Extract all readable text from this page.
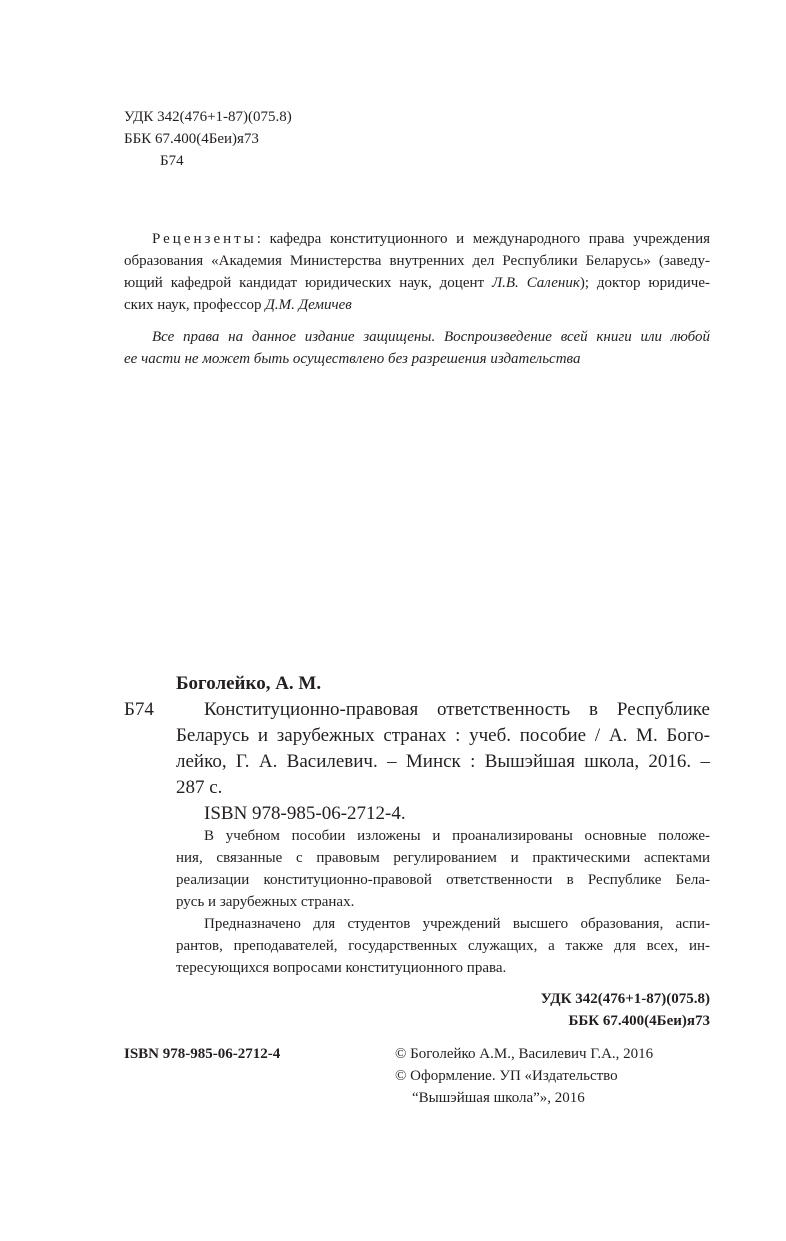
УДК 342(476+1-87)(075.8)
ББК 67.400(4Беи)я73
Б74
Рецензенты: кафедра конституционного и международного права учреждения
образования «Академия Министерства внутренних дел Республики Беларусь» (заведу-
ющий кафедрой кандидат юридических наук, доцент Л.В. Саленик); доктор юридиче-
ских наук, профессор Д.М. Демичев
Все права на данное издание защищены. Воспроизведение всей книги или любой
ее части не может быть осуществлено без разрешения издательства
Боголейко, А. М.
Б74	Конституционно-правовая ответственность в Республике
Беларусь и зарубежных странах : учеб. пособие / А. М. Бого-
лейко, Г. А. Василевич. – Минск : Вышэйшая школа, 2016. –
287 с.
ISBN 978-985-06-2712-4.
В учебном пособии изложены и проанализированы основные положе-
ния, связанные с правовым регулированием и практическими аспектами
реализации конституционно-правовой ответственности в Республике Бела-
русь и зарубежных странах.
Предназначено для студентов учреждений высшего образования, аспи-
рантов, преподавателей, государственных служащих, а также для всех, ин-
тересующихся вопросами конституционного права.
УДК 342(476+1-87)(075.8)
ББК 67.400(4Беи)я73
ISBN 978-985-06-2712-4	© Боголейко А.М., Василевич Г.А., 2016
© Оформление. УП «Издательство
“Вышэйшая школа”», 2016
